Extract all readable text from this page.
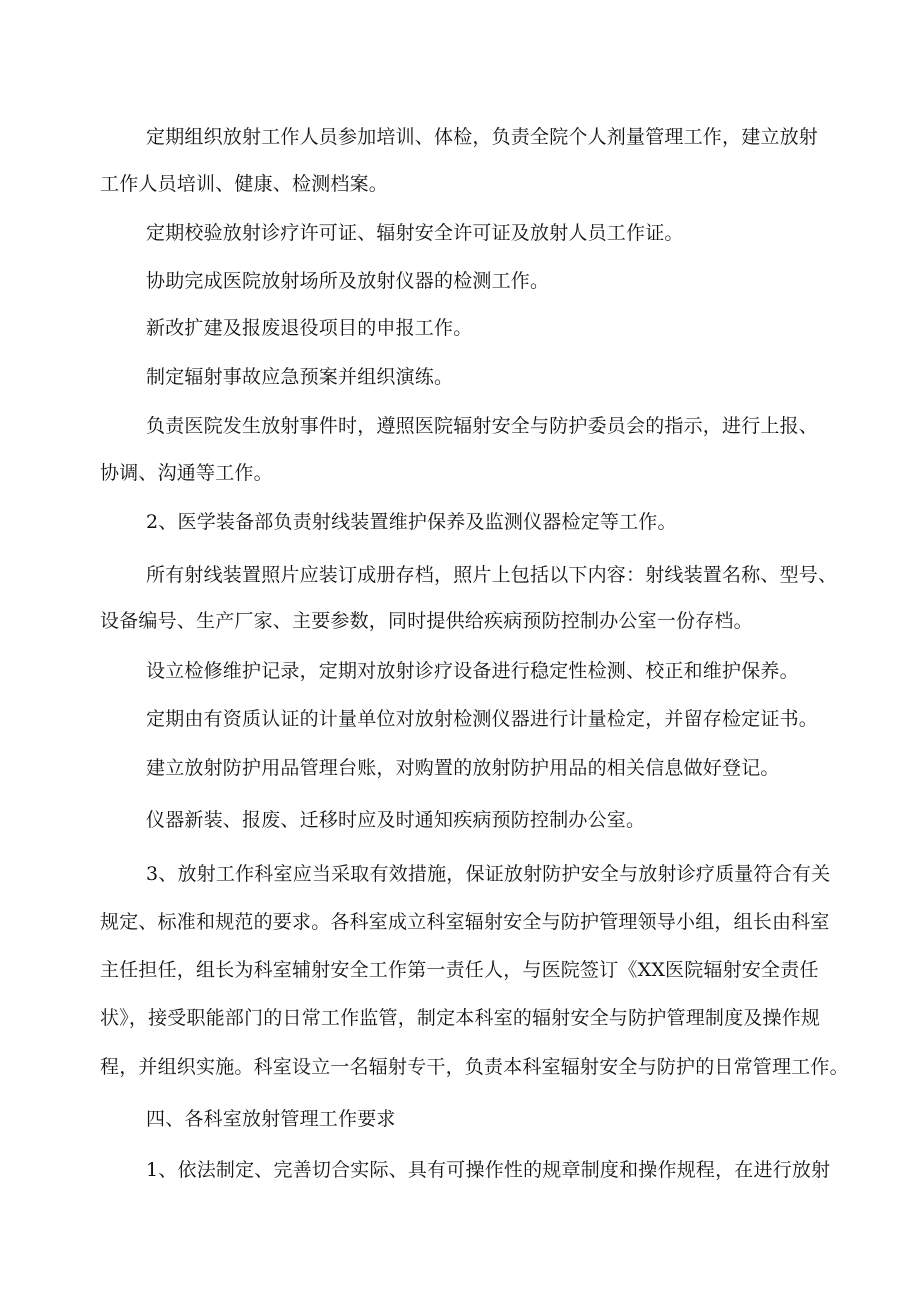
定期组织放射工作人员参加培训、体检，负责全院个人剂量管理工作，建立放射
工作人员培训、健康、检测档案。
定期校验放射诊疗许可证、辐射安全许可证及放射人员工作证。
协助完成医院放射场所及放射仪器的检测工作。
新改扩建及报废退役项目的申报工作。
制定辐射事故应急预案并组织演练。
负责医院发生放射事件时，遵照医院辐射安全与防护委员会的指示，进行上报、
协调、沟通等工作。
2、医学装备部负责射线装置维护保养及监测仪器检定等工作。
所有射线装置照片应装订成册存档，照片上包括以下内容：射线装置名称、型号、
设备编号、生产厂家、主要参数，同时提供给疾病预防控制办公室一份存档。
设立检修维护记录，定期对放射诊疗设备进行稳定性检测、校正和维护保养。
定期由有资质认证的计量单位对放射检测仪器进行计量检定，并留存检定证书。
建立放射防护用品管理台账，对购置的放射防护用品的相关信息做好登记。
仪器新装、报废、迁移时应及时通知疾病预防控制办公室。
3、放射工作科室应当采取有效措施，保证放射防护安全与放射诊疗质量符合有关
规定、标准和规范的要求。各科室成立科室辐射安全与防护管理领导小组，组长由科室
主任担任，组长为科室辅射安全工作第一责任人，与医院签订《XX医院辐射安全责任
状》，接受职能部门的日常工作监管，制定本科室的辐射安全与防护管理制度及操作规
程，并组织实施。科室设立一名辐射专干，负责本科室辐射安全与防护的日常管理工作。
四、各科室放射管理工作要求
1、依法制定、完善切合实际、具有可操作性的规章制度和操作规程，在进行放射
